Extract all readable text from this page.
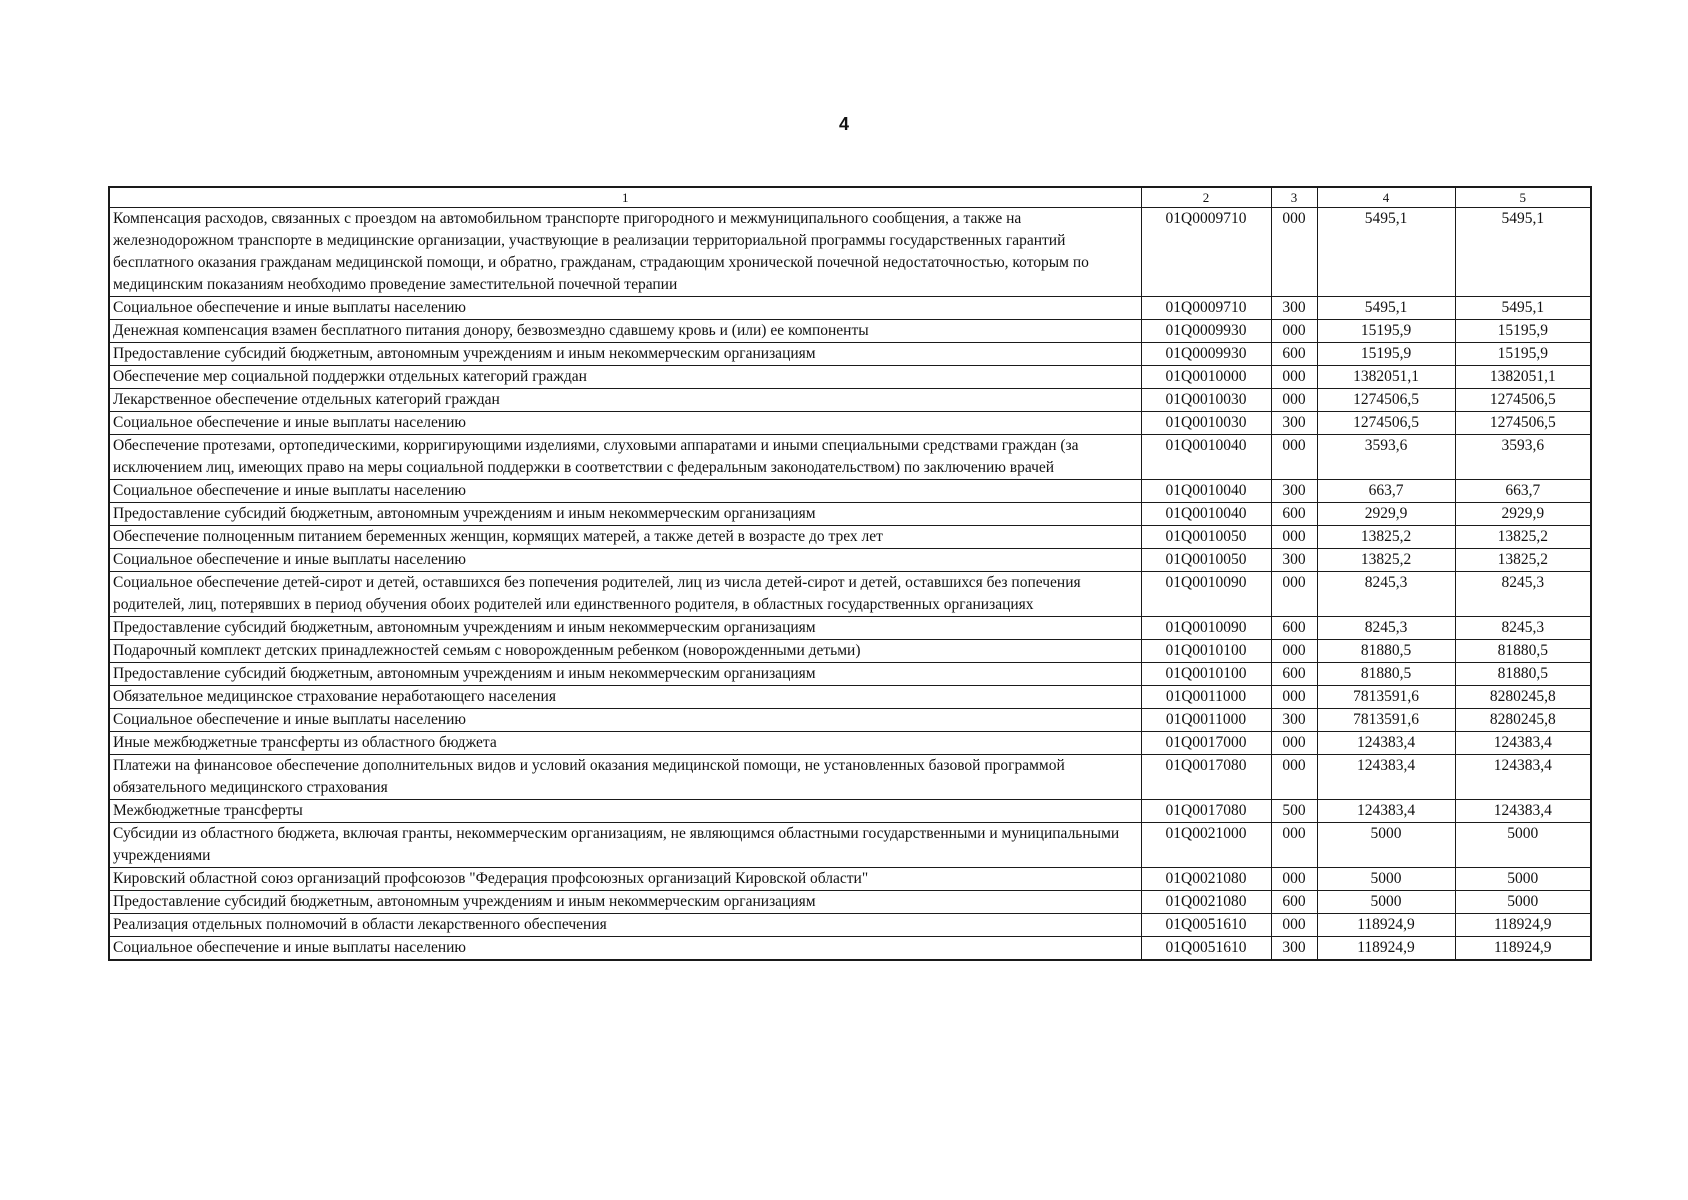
4
1	2	3	4	5
Компенсация расходов, связанных с проездом на автомобильном транспорте пригородного и межмуниципального сообщения, а также на железнодорожном транспорте в медицинские организации, участвующие в реализации территориальной программы государственных гарантий бесплатного оказания гражданам медицинской помощи, и обратно, гражданам, страдающим хронической почечной недостаточностью, которым по медицинским показаниям необходимо проведение заместительной почечной терапии	01Q0009710	000	5495,1	5495,1
Социальное обеспечение и иные выплаты населению	01Q0009710	300	5495,1	5495,1
Денежная компенсация взамен бесплатного питания донору, безвозмездно сдавшему кровь и (или) ее компоненты	01Q0009930	000	15195,9	15195,9
Предоставление субсидий бюджетным, автономным учреждениям и иным некоммерческим организациям	01Q0009930	600	15195,9	15195,9
Обеспечение мер социальной поддержки отдельных категорий граждан	01Q0010000	000	1382051,1	1382051,1
Лекарственное обеспечение отдельных категорий граждан	01Q0010030	000	1274506,5	1274506,5
Социальное обеспечение и иные выплаты населению	01Q0010030	300	1274506,5	1274506,5
Обеспечение протезами, ортопедическими, корригирующими изделиями, слуховыми аппаратами и иными специальными средствами граждан (за исключением лиц, имеющих право на меры социальной поддержки в соответствии с федеральным законодательством) по заключению врачей	01Q0010040	000	3593,6	3593,6
Социальное обеспечение и иные выплаты населению	01Q0010040	300	663,7	663,7
Предоставление субсидий бюджетным, автономным учреждениям и иным некоммерческим организациям	01Q0010040	600	2929,9	2929,9
Обеспечение полноценным питанием беременных женщин, кормящих матерей, а также детей в возрасте до трех лет	01Q0010050	000	13825,2	13825,2
Социальное обеспечение и иные выплаты населению	01Q0010050	300	13825,2	13825,2
Социальное обеспечение детей-сирот и детей, оставшихся без попечения родителей, лиц из числа детей-сирот и детей, оставшихся без попечения родителей, лиц, потерявших в период обучения обоих родителей или единственного родителя, в областных государственных организациях	01Q0010090	000	8245,3	8245,3
Предоставление субсидий бюджетным, автономным учреждениям и иным некоммерческим организациям	01Q0010090	600	8245,3	8245,3
Подарочный комплект детских принадлежностей семьям с новорожденным ребенком (новорожденными детьми)	01Q0010100	000	81880,5	81880,5
Предоставление субсидий бюджетным, автономным учреждениям и иным некоммерческим организациям	01Q0010100	600	81880,5	81880,5
Обязательное медицинское страхование неработающего населения	01Q0011000	000	7813591,6	8280245,8
Социальное обеспечение и иные выплаты населению	01Q0011000	300	7813591,6	8280245,8
Иные межбюджетные трансферты из областного бюджета	01Q0017000	000	124383,4	124383,4
Платежи на финансовое обеспечение дополнительных видов и условий оказания медицинской помощи, не установленных базовой программой обязательного медицинского страхования	01Q0017080	000	124383,4	124383,4
Межбюджетные трансферты	01Q0017080	500	124383,4	124383,4
Субсидии из областного бюджета, включая гранты, некоммерческим организациям, не являющимся областными государственными и муниципальными учреждениями	01Q0021000	000	5000	5000
Кировский областной союз организаций профсоюзов "Федерация профсоюзных организаций Кировской области"	01Q0021080	000	5000	5000
Предоставление субсидий бюджетным, автономным учреждениям и иным некоммерческим организациям	01Q0021080	600	5000	5000
Реализация отдельных полномочий в области лекарственного обеспечения	01Q0051610	000	118924,9	118924,9
Социальное обеспечение и иные выплаты населению	01Q0051610	300	118924,9	118924,9
